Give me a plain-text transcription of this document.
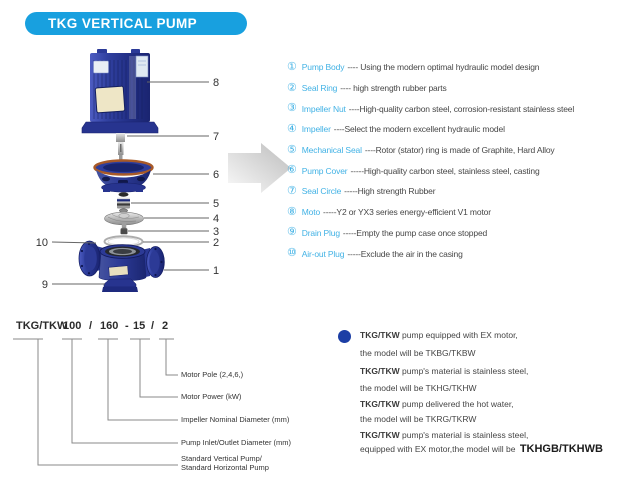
TKG VERTICAL PUMP
8
7
6
5
4
3
2
10
1
9
① Pump Body ---- Using the modern optimal hydraulic model design
② Seal Ring ---- high strength rubber parts
③ Impeller Nut ----High-quality carbon steel, corrosion-resistant stainless steel
④ Impeller ----Select the modern excellent hydraulic model
⑤ Mechanical Seal ----Rotor (stator) ring is made of Graphite, Hard Alloy
⑥ Pump Cover -----High-quality carbon steel, stainless steel, casting
⑦ Seal Circle -----High strength Rubber
⑧ Moto -----Y2 or YX3 series energy-efficient V1 motor
⑨ Drain Plug -----Empty the pump case once stopped
⑩ Air-out Plug -----Exclude the air in the casing
TKG/TKW
100 / 160 - 15 / 2
Motor Pole (2,4,6,)
Motor Power (kW)
Impeller Nominal Diameter (mm)
Pump Inlet/Outlet Diameter (mm)
Standard Vertical Pump/
Standard Horizontal Pump
TKG/TKW pump equipped with EX motor,
the model will be TKBG/TKBW
TKG/TKW pump's material is stainless steel,
the model will be TKHG/TKHW
TKG/TKW pump delivered the hot water,
the model will be TKRG/TKRW
TKG/TKW pump's material is stainless steel,
equipped with EX motor,the model will be TKHGB/TKHWB
